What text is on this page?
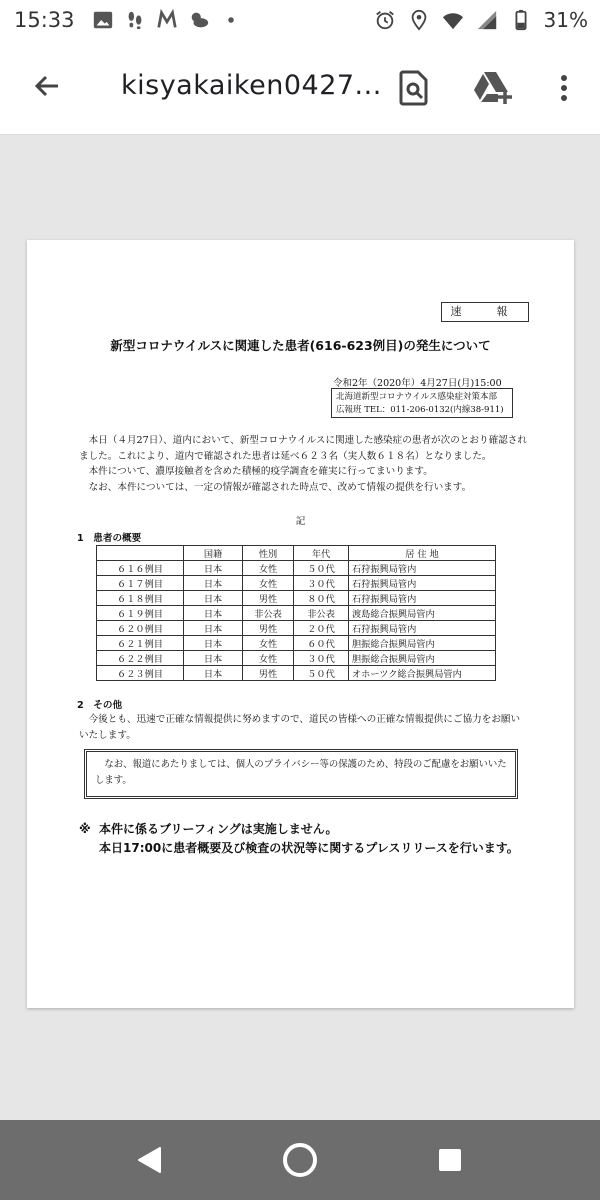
15:33	31%
kisyakaiken0427...
速　報
新型コロナウイルスに関連した患者(616-623例目)の発生について
令和2年（2020年）4月27日(月)15:00
北海道新型コロナウイルス感染症対策本部
広報班 TEL：011-206-0132(内線38-911)

本日（４月27日）、道内において、新型コロナウイルスに関連した感染症の患者が次のとおり確認されました。これにより、道内で確認された患者は延べ６２３名（実人数６１８名）となりました。

本件について、濃厚接触者を含めた積極的疫学調査を確実に行ってまいります。

なお、本件については、一定の情報が確認された時点で、改めて情報の提供を行います。

記
1　患者の概要
	国籍	性別	年代	居 住 地
６１６例目	日本	女性	５０代	石狩振興局管内
６１７例目	日本	女性	３０代	石狩振興局管内
６１８例目	日本	男性	８０代	石狩振興局管内
６１９例目	日本	非公表	非公表	渡島総合振興局管内
６２０例目	日本	男性	２０代	石狩振興局管内
６２１例目	日本	女性	６０代	胆振総合振興局管内
６２２例目	日本	女性	３０代	胆振総合振興局管内
６２３例目	日本	男性	５０代	オホーツク総合振興局管内
2　その他

今後とも、迅速で正確な情報提供に努めますので、道民の皆様への正確な情報提供にご協力をお願いいたします。

なお、報道にあたりましては、個人のプライバシー等の保護のため、特段のご配慮をお願いいたします。

※ 本件に係るブリーフィングは実施しません。
本日17:00に患者概要及び検査の状況等に関するプレスリリースを行います。
